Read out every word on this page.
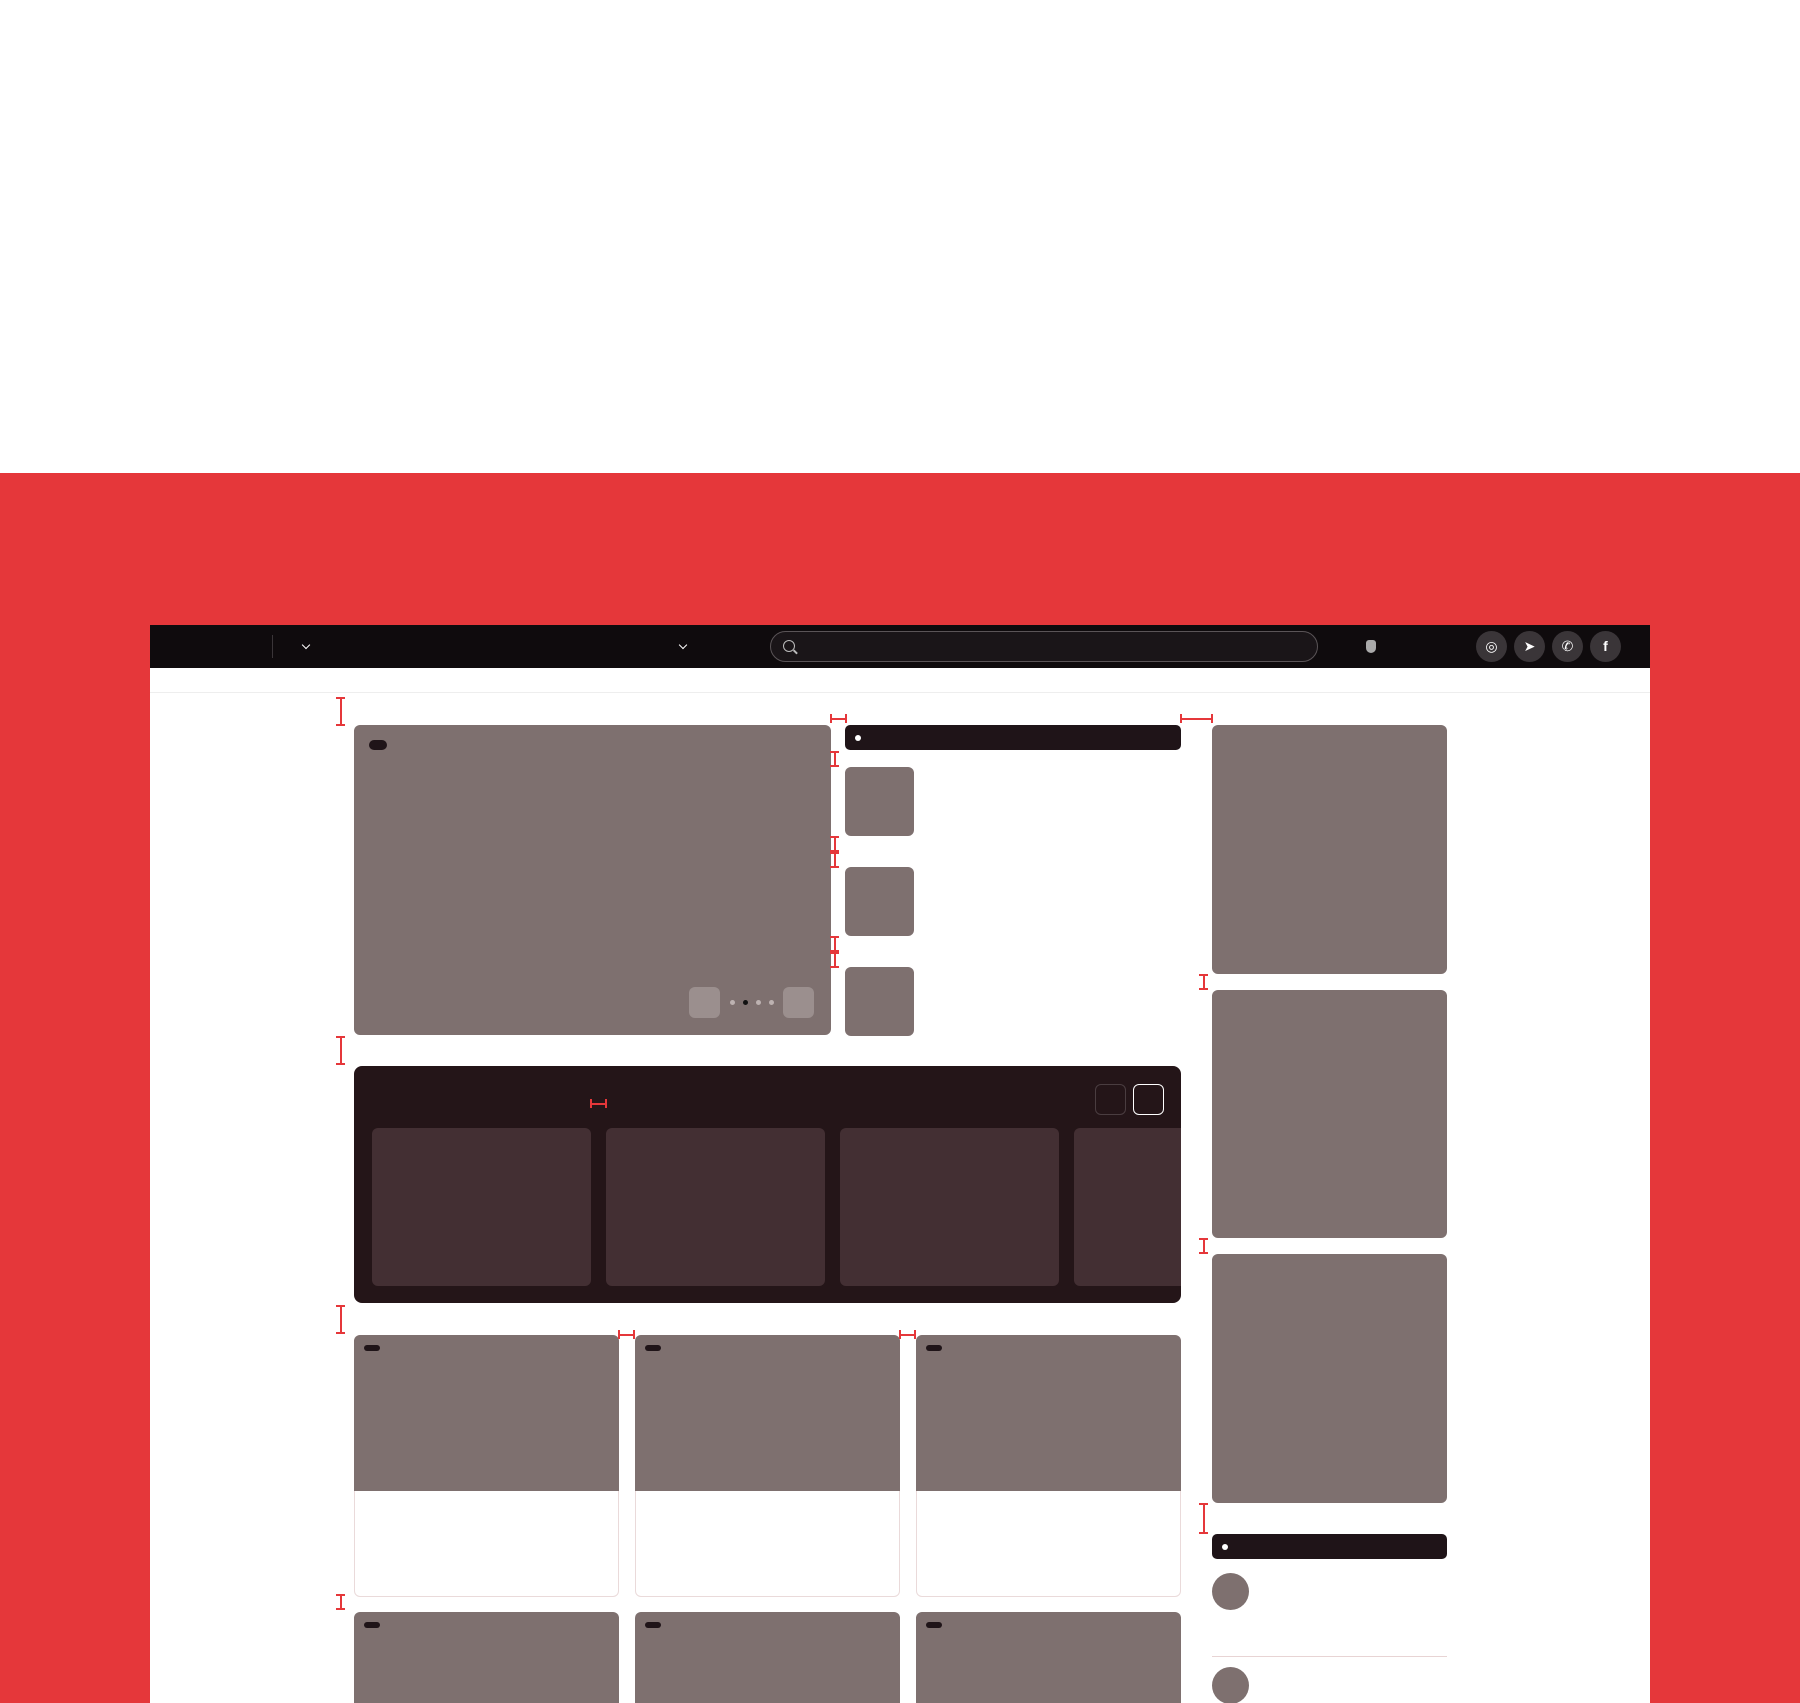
◎	➤	✆	f
